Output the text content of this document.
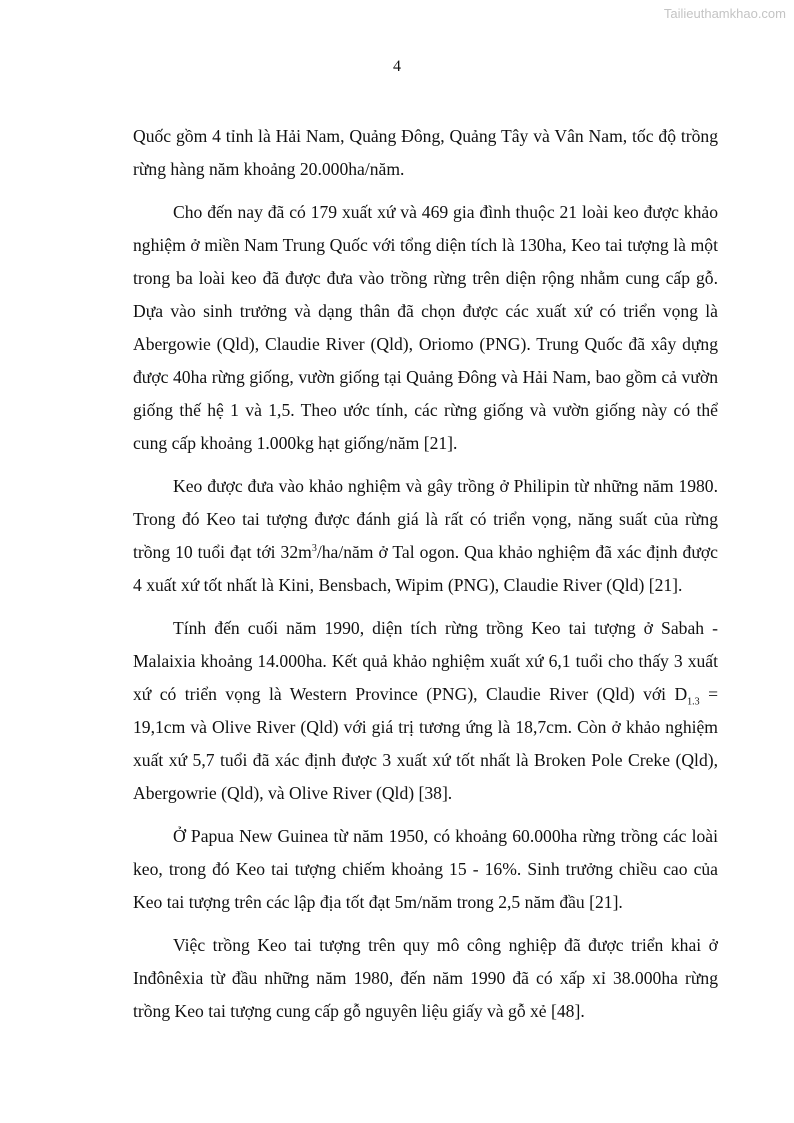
Tailieuthamkhao.com
4

Quốc gồm 4 tỉnh là Hải Nam, Quảng Đông, Quảng Tây và Vân Nam, tốc độ trồng rừng hàng năm khoảng 20.000ha/năm.

Cho đến nay đã có 179 xuất xứ và 469 gia đình thuộc 21 loài keo được khảo nghiệm ở miền Nam Trung Quốc với tổng diện tích là 130ha, Keo tai tượng là một trong ba loài keo đã được đưa vào trồng rừng trên diện rộng nhằm cung cấp gỗ. Dựa vào sinh trưởng và dạng thân đã chọn được các xuất xứ có triển vọng là Abergowie (Qld), Claudie River (Qld), Oriomo (PNG). Trung Quốc đã xây dựng được 40ha rừng giống, vườn giống tại Quảng Đông và Hải Nam, bao gồm cả vườn giống thế hệ 1 và 1,5. Theo ước tính, các rừng giống và vườn giống này có thể cung cấp khoảng 1.000kg hạt giống/năm [21].

Keo được đưa vào khảo nghiệm và gây trồng ở Philipin từ những năm 1980. Trong đó Keo tai tượng được đánh giá là rất có triển vọng, năng suất của rừng trồng 10 tuổi đạt tới $32m^3/ha$/năm ở Tal ogon. Qua khảo nghiệm đã xác định được 4 xuất xứ tốt nhất là Kini, Bensbach, Wipim (PNG), Claudie River (Qld) [21].

Tính đến cuối năm 1990, diện tích rừng trồng Keo tai tượng ở Sabah - Malaixia khoảng 14.000ha. Kết quả khảo nghiệm xuất xứ 6,1 tuổi cho thấy 3 xuất xứ có triển vọng là Western Province (PNG), Claudie River (Qld) với $D_{1.3} = 19,1cm$ và Olive River (Qld) với giá trị tương ứng là 18,7cm. Còn ở khảo nghiệm xuất xứ 5,7 tuổi đã xác định được 3 xuất xứ tốt nhất là Broken Pole Creke (Qld), Abergowrie (Qld), và Olive River (Qld) [38].

Ở Papua New Guinea từ năm 1950, có khoảng 60.000ha rừng trồng các loài keo, trong đó Keo tai tượng chiếm khoảng 15 - 16%. Sinh trưởng chiều cao của Keo tai tượng trên các lập địa tốt đạt 5m/năm trong 2,5 năm đầu [21].

Việc trồng Keo tai tượng trên quy mô công nghiệp đã được triển khai ở Inđônêxia từ đầu những năm 1980, đến năm 1990 đã có xấp xỉ 38.000ha rừng trồng Keo tai tượng cung cấp gỗ nguyên liệu giấy và gỗ xẻ [48].
